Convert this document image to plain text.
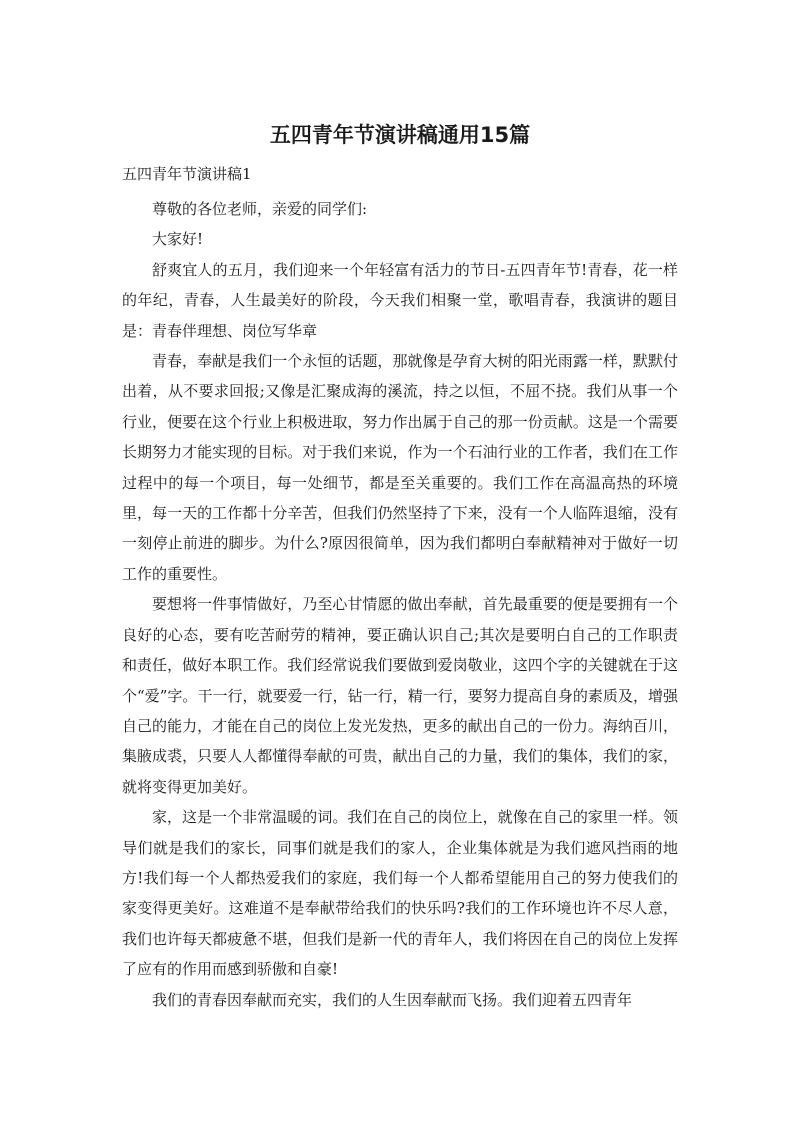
五四青年节演讲稿通用15篇

五四青年节演讲稿1

尊敬的各位老师，亲爱的同学们:

大家好!

舒爽宜人的五月，我们迎来一个年轻富有活力的节日-五四青年节!青春，花一样的年纪，青春，人生最美好的阶段，今天我们相聚一堂，歌唱青春，我演讲的题目是：青春伴理想、岗位写华章

青春，奉献是我们一个永恒的话题，那就像是孕育大树的阳光雨露一样，默默付出着，从不要求回报;又像是汇聚成海的溪流，持之以恒，不屈不挠。我们从事一个行业，便要在这个行业上积极进取，努力作出属于自己的那一份贡献。这是一个需要长期努力才能实现的目标。对于我们来说，作为一个石油行业的工作者，我们在工作过程中的每一个项目，每一处细节，都是至关重要的。我们工作在高温高热的环境里，每一天的工作都十分辛苦，但我们仍然坚持了下来，没有一个人临阵退缩，没有一刻停止前进的脚步。为什么?原因很简单，因为我们都明白奉献精神对于做好一切工作的重要性。

要想将一件事情做好，乃至心甘情愿的做出奉献，首先最重要的便是要拥有一个良好的心态，要有吃苦耐劳的精神，要正确认识自己;其次是要明白自己的工作职责和责任，做好本职工作。我们经常说我们要做到爱岗敬业，这四个字的关键就在于这个“爱”字。干一行，就要爱一行，钻一行，精一行，要努力提高自身的素质及，增强自己的能力，才能在自己的岗位上发光发热，更多的献出自己的一份力。海纳百川，集腋成裘，只要人人都懂得奉献的可贵，献出自己的力量，我们的集体，我们的家，就将变得更加美好。

家，这是一个非常温暖的词。我们在自己的岗位上，就像在自己的家里一样。领导们就是我们的家长，同事们就是我们的家人，企业集体就是为我们遮风挡雨的地方!我们每一个人都热爱我们的家庭，我们每一个人都希望能用自己的努力使我们的家变得更美好。这难道不是奉献带给我们的快乐吗?我们的工作环境也许不尽人意，我们也许每天都疲惫不堪，但我们是新一代的青年人，我们将因在自己的岗位上发挥了应有的作用而感到骄傲和自豪!

我们的青春因奉献而充实，我们的人生因奉献而飞扬。我们迎着五四青年
